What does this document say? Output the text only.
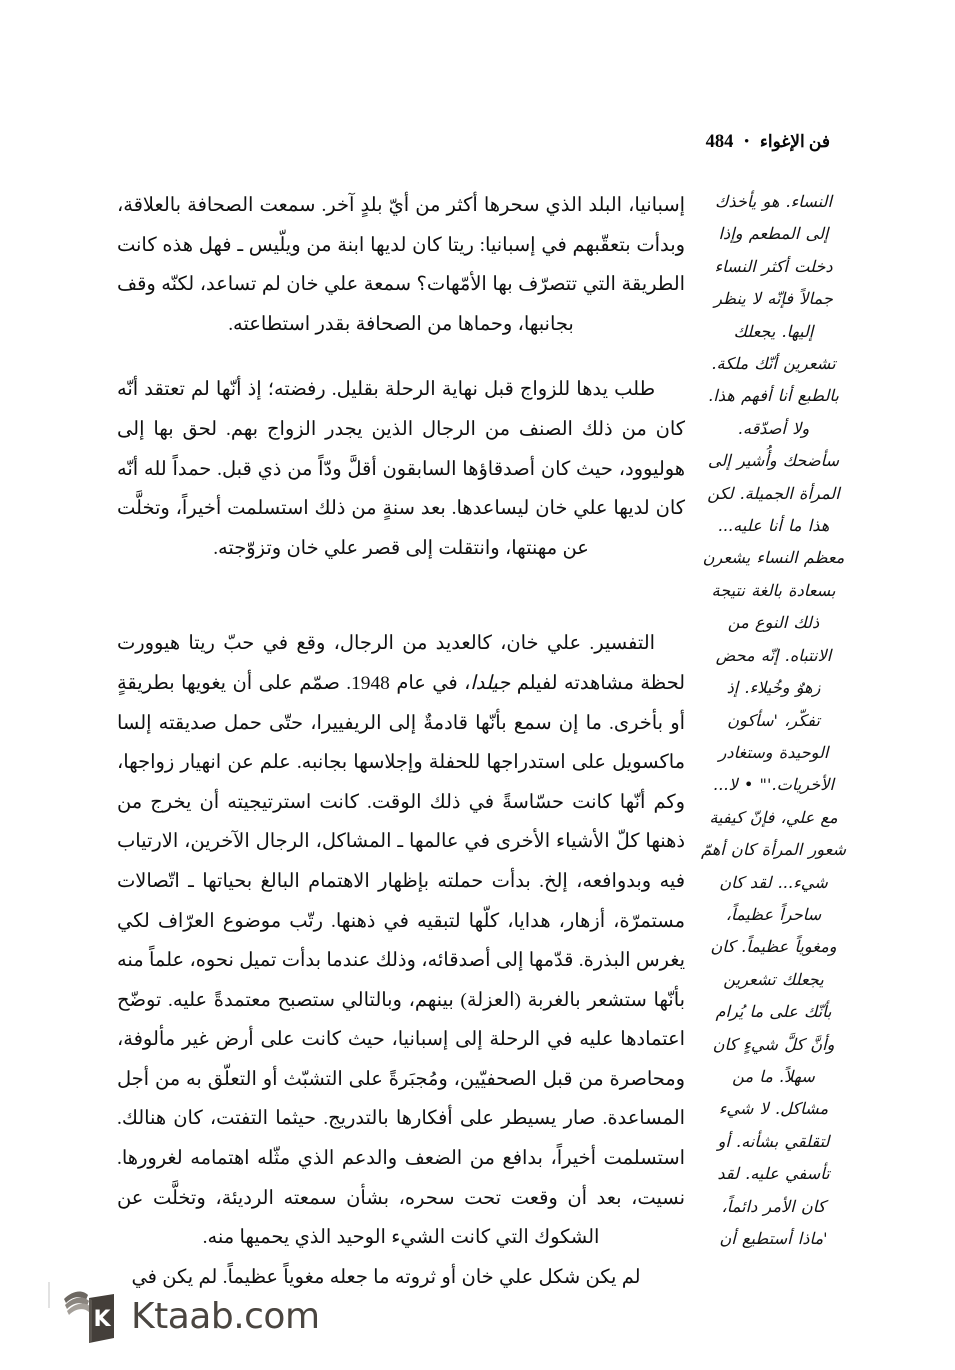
فن الإغواء
•
484

إسبانيا، البلد الذي سحرها أكثر من أيّ بلدٍ آخر. سمعت الصحافة بالعلاقة، وبدأت بتعقّبهم في إسبانيا: ريتا كان لديها ابنة من ويلّيس ـ فهل هذه كانت الطريقة التي تتصرّف بها الأمّهات؟ سمعة علي خان لم تساعد، لكنّه وقف بجانبها، وحماها من الصحافة بقدر استطاعته.

طلب يدها للزواج قبل نهاية الرحلة بقليل. رفضته؛ إذ أنّها لم تعتقد أنّه كان من ذلك الصنف من الرجال الذين يجدر الزواج بهم. لحق بها إلى هوليوود، حيث كان أصدقاؤها السابقون أقلَّ ودّاً من ذي قبل. حمداً لله أنّه كان لديها علي خان ليساعدها. بعد سنةٍ من ذلك استسلمت أخيراً، وتخلَّت عن مهنتها، وانتقلت إلى قصر علي خان وتزوّجته.

التفسير. علي خان، كالعديد من الرجال، وقع في حبّ ريتا هيوورت لحظة مشاهدته لفيلم جيلدا، في عام 1948. صمّم على أن يغويها بطريقةٍ أو بأخرى. ما إن سمع بأنّها قادمةٌ إلى الريفييرا، حتّى حمل صديقته إلسا ماكسويل على استدراجها للحفلة وإجلاسها بجانبه. علم عن انهيار زواجها، وكم أنّها كانت حسّاسةً في ذلك الوقت. كانت استرتيجيته أن يخرج من ذهنها كلّ الأشياء الأخرى في عالمها ـ المشاكل، الرجال الآخرين، الارتياب فيه وبدوافعه، إلخ. بدأت حملته بإظهار الاهتمام البالغ بحياتها ـ اتّصالات مستمرّة، أزهار، هدايا، كلّها لتبقيه في ذهنها. رتّب موضوع العرّاف لكي يغرس البذرة. قدّمها إلى أصدقائه، وذلك عندما بدأت تميل نحوه، علماً منه بأنّها ستشعر بالغربة (العزلة) بينهم، وبالتالي ستصبح معتمدةً عليه. توضّح اعتمادها عليه في الرحلة إلى إسبانيا، حيث كانت على أرض غير مألوفة، ومحاصرة من قبل الصحفيّين، ومُجبَرةً على التشبّث أو التعلّق به من أجل المساعدة. صار يسيطر على أفكارها بالتدريج. حيثما التفتت، كان هنالك. استسلمت أخيراً، بدافع من الضعف والدعم الذي مثّله اهتمامه لغرورها. نسيت، بعد أن وقعت تحت سحره، بشأن سمعته الرديئة، وتخلَّت عن الشكوك التي كانت الشيء الوحيد الذي يحميها منه.

لم يكن شكل علي خان أو ثروته ما جعله مغوياً عظيماً. لم يكن في

النساء. هو يأخذك
إلى المطعم وإذا
دخلت أكثر النساء
جمالاً فإنّه لا ينظر
إليها. يجعلك
تشعرين أنّك ملكة.
بالطبع أنا أفهم هذا.
ولا أصدّقه.
سأضحك وأُشير إلى
المرأة الجميلة. لكن
هذا ما أنا عليه...
معظم النساء يشعرن
بسعادة بالغة نتيجة
ذلك النوع من
الانتباه. إنّه محض
زهوٌ وخُيلاء. إذ
تفكّر، 'سأكون
الوحيدة وستغادر
الأخريات.'" • لا...
مع علي، فإنّ كيفية
شعور المرأة كان أهمّ
شيء... لقد كان
ساحراً عظيماً،
ومغوياً عظيماً. كان
يجعلك تشعرين
بأنّك على ما يُرام
وأنَّ كلَّ شيءٍ كان
سهلاً. ما من
مشاكل. لا شيء
لتقلقي بشأنه. أو
تأسفي عليه. لقد
كان الأمر دائماً،
'ماذا أستطيع أن

K Ktaab.com
